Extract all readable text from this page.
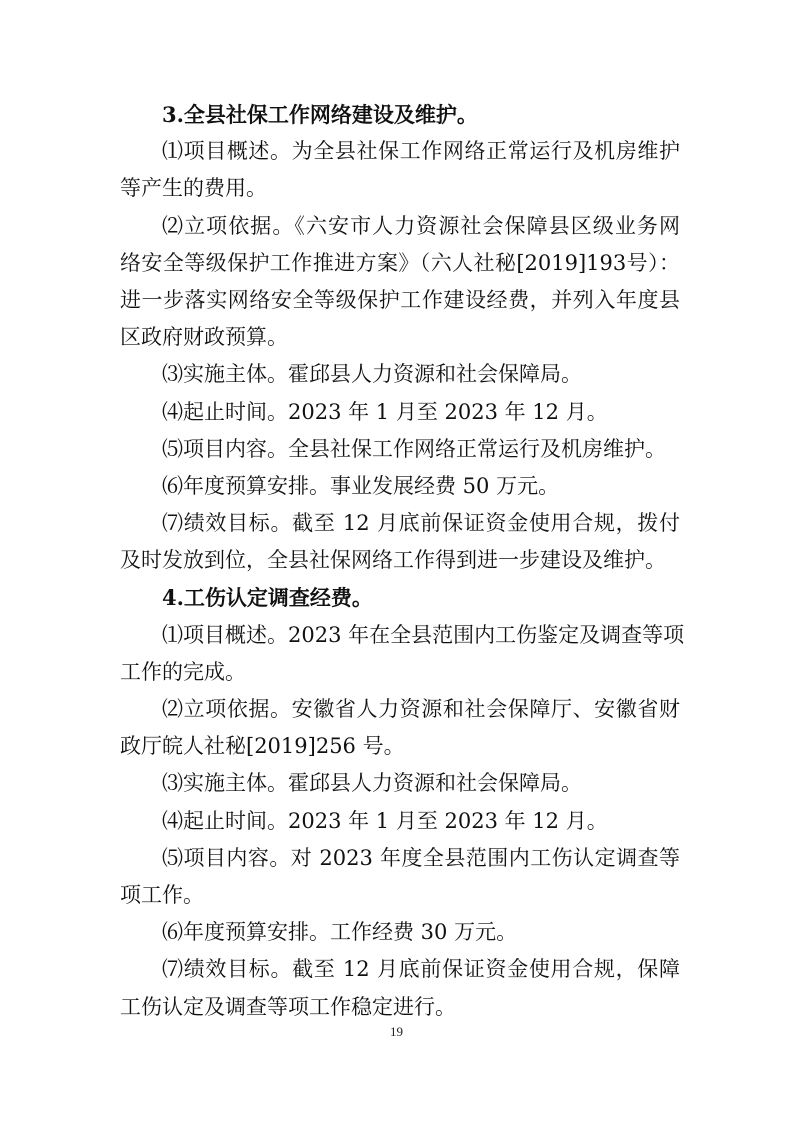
3.全县社保工作网络建设及维护。
⑴项目概述。为全县社保工作网络正常运行及机房维护
等产生的费用。
⑵立项依据。《六安市人力资源社会保障县区级业务网
络安全等级保护工作推进方案》（六人社秘[2019]193号）：
进一步落实网络安全等级保护工作建设经费，并列入年度县
区政府财政预算。
⑶实施主体。霍邱县人力资源和社会保障局。
⑷起止时间。2023 年 1 月至 2023 年 12 月。
⑸项目内容。全县社保工作网络正常运行及机房维护。
⑹年度预算安排。事业发展经费 50 万元。
⑺绩效目标。截至 12 月底前保证资金使用合规，拨付
及时发放到位，全县社保网络工作得到进一步建设及维护。
4.工伤认定调查经费。
⑴项目概述。2023 年在全县范围内工伤鉴定及调查等项
工作的完成。
⑵立项依据。安徽省人力资源和社会保障厅、安徽省财
政厅皖人社秘[2019]256 号。
⑶实施主体。霍邱县人力资源和社会保障局。
⑷起止时间。2023 年 1 月至 2023 年 12 月。
⑸项目内容。对 2023 年度全县范围内工伤认定调查等
项工作。
⑹年度预算安排。工作经费 30 万元。
⑺绩效目标。截至 12 月底前保证资金使用合规，保障
工伤认定及调查等项工作稳定进行。
19
